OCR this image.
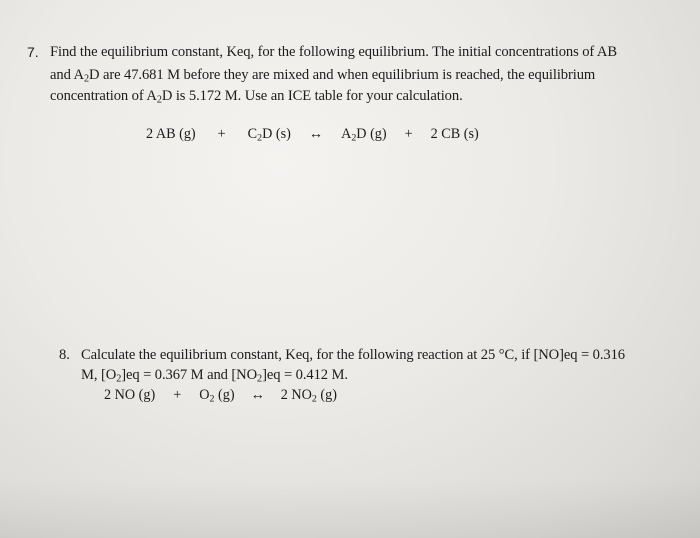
7. Find the equilibrium constant, Keq, for the following equilibrium. The initial concentrations of AB
and $A_2D$ are 47.681 M before they are mixed and when equilibrium is reached, the equilibrium
concentration of $A_2D$ is 5.172 M. Use an ICE table for your calculation.
2 AB $(g) + C_2D$ (s) ↔ $A_2D$ (g) + 2 CB (s)
8. Calculate the equilibrium constant, Keq, for the following reaction at 25 °C, if [NO]eq = 0.316
M, $[O_2]eq = 0.367$ M and $[NO_2]eq = 0.412$ M.
2 NO $(g) + O_2$ (g) ↔ 2 $NO_2$ (g)
